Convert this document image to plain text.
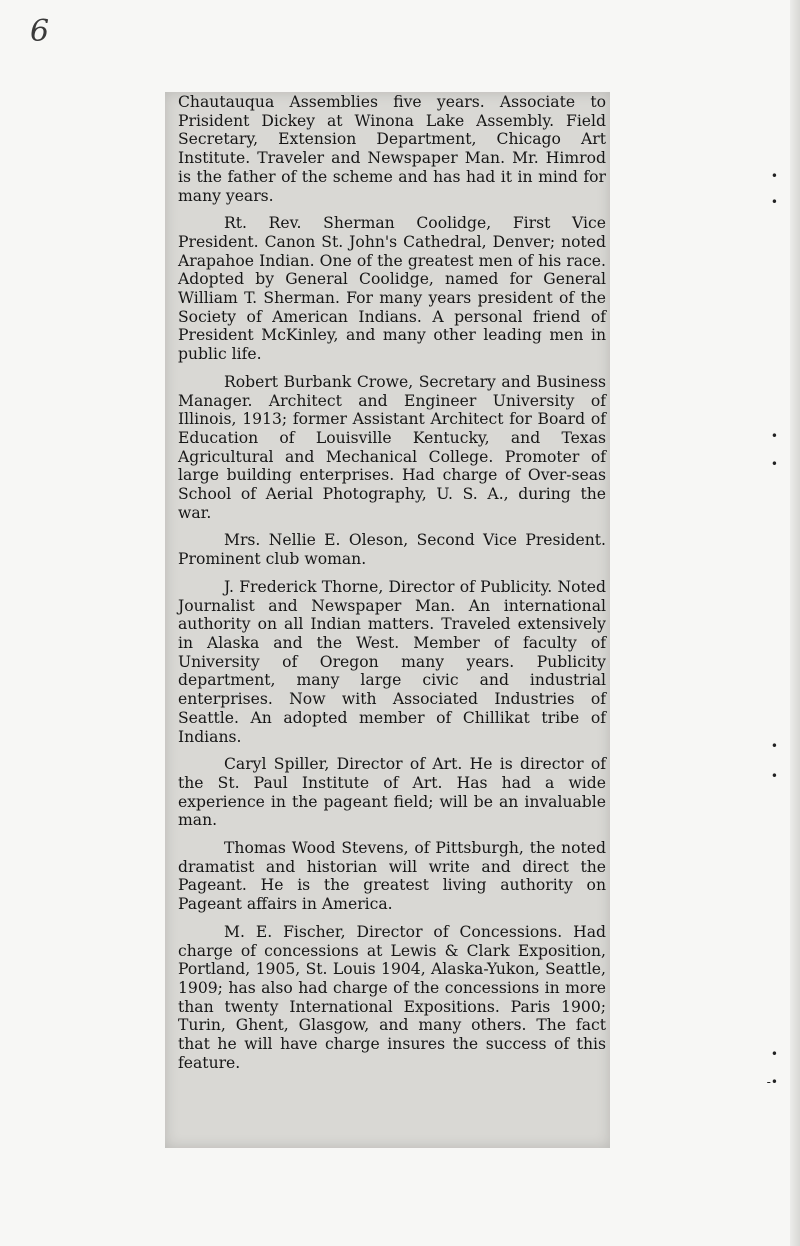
6

Chautauqua Assemblies five years. Associate to Prisident Dickey at Winona Lake Assembly. Field Secretary, Extension Department, Chicago Art Institute. Traveler and Newspaper Man. Mr. Himrod is the father of the scheme and has had it in mind for many years.

Rt. Rev. Sherman Coolidge, First Vice President. Canon St. John's Cathedral, Denver; noted Arapahoe Indian. One of the greatest men of his race. Adopted by General Coolidge, named for General William T. Sherman. For many years president of the Society of American Indians. A personal friend of President McKinley, and many other leading men in public life.

Robert Burbank Crowe, Secretary and Business Manager. Architect and Engineer University of Illinois, 1913; former Assistant Architect for Board of Education of Louisville Kentucky, and Texas Agricultural and Mechanical College. Promoter of large building enterprises. Had charge of Over-seas School of Aerial Photography, U. S. A., during the war.

Mrs. Nellie E. Oleson, Second Vice President. Prominent club woman.

J. Frederick Thorne, Director of Publicity. Noted Journalist and Newspaper Man. An international authority on all Indian matters. Traveled extensively in Alaska and the West. Member of faculty of University of Oregon many years. Publicity department, many large civic and industrial enterprises. Now with Associated Industries of Seattle. An adopted member of Chillikat tribe of Indians.

Caryl Spiller, Director of Art. He is director of the St. Paul Institute of Art. Has had a wide experience in the pageant field; will be an invaluable man.

Thomas Wood Stevens, of Pittsburgh, the noted dramatist and historian will write and direct the Pageant. He is the greatest living authority on Pageant affairs in America.

M. E. Fischer, Director of Concessions. Had charge of concessions at Lewis & Clark Exposition, Portland, 1905, St. Louis 1904, Alaska-Yukon, Seattle, 1909; has also had charge of the concessions in more than twenty International Expositions. Paris 1900; Turin, Ghent, Glasgow, and many others. The fact that he will have charge insures the success of this feature.

•
•
•
•
•
•
•
-•
